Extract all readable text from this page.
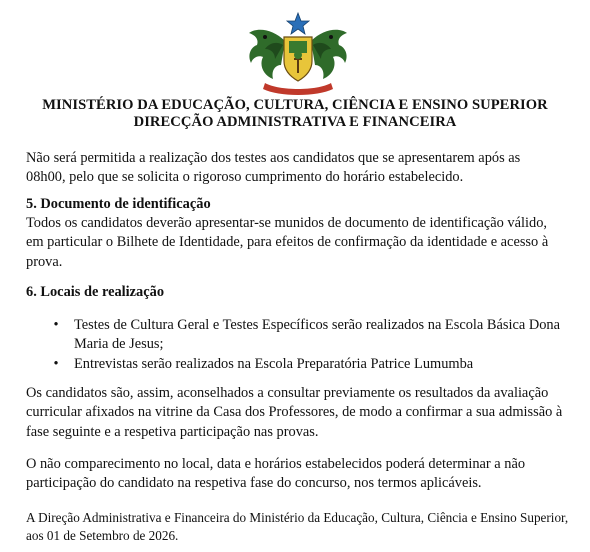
MINISTÉRIO DA EDUCAÇÃO, CULTURA, CIÊNCIA E ENSINO SUPERIOR
DIRECÇÃO ADMINISTRATIVA E FINANCEIRA
Não será permitida a realização dos testes aos candidatos que se apresentarem após as
08h00, pelo que se solicita o rigoroso cumprimento do horário estabelecido.
5. Documento de identificação
Todos os candidatos deverão apresentar-se munidos de documento de identificação válido,
em particular o Bilhete de Identidade, para efeitos de confirmação da identidade e acesso à
prova.
6. Locais de realização
• Testes de Cultura Geral e Testes Específicos serão realizados na Escola Básica Dona
Maria de Jesus;
• Entrevistas serão realizados na Escola Preparatória Patrice Lumumba
Os candidatos são, assim, aconselhados a consultar previamente os resultados da avaliação
curricular afixados na vitrine da Casa dos Professores, de modo a confirmar a sua admissão à
fase seguinte e a respetiva participação nas provas.
O não comparecimento no local, data e horários estabelecidos poderá determinar a não
participação do candidato na respetiva fase do concurso, nos termos aplicáveis.
A Direção Administrativa e Financeira do Ministério da Educação, Cultura, Ciência e Ensino Superior,
aos 01 de Setembro de 2026.
